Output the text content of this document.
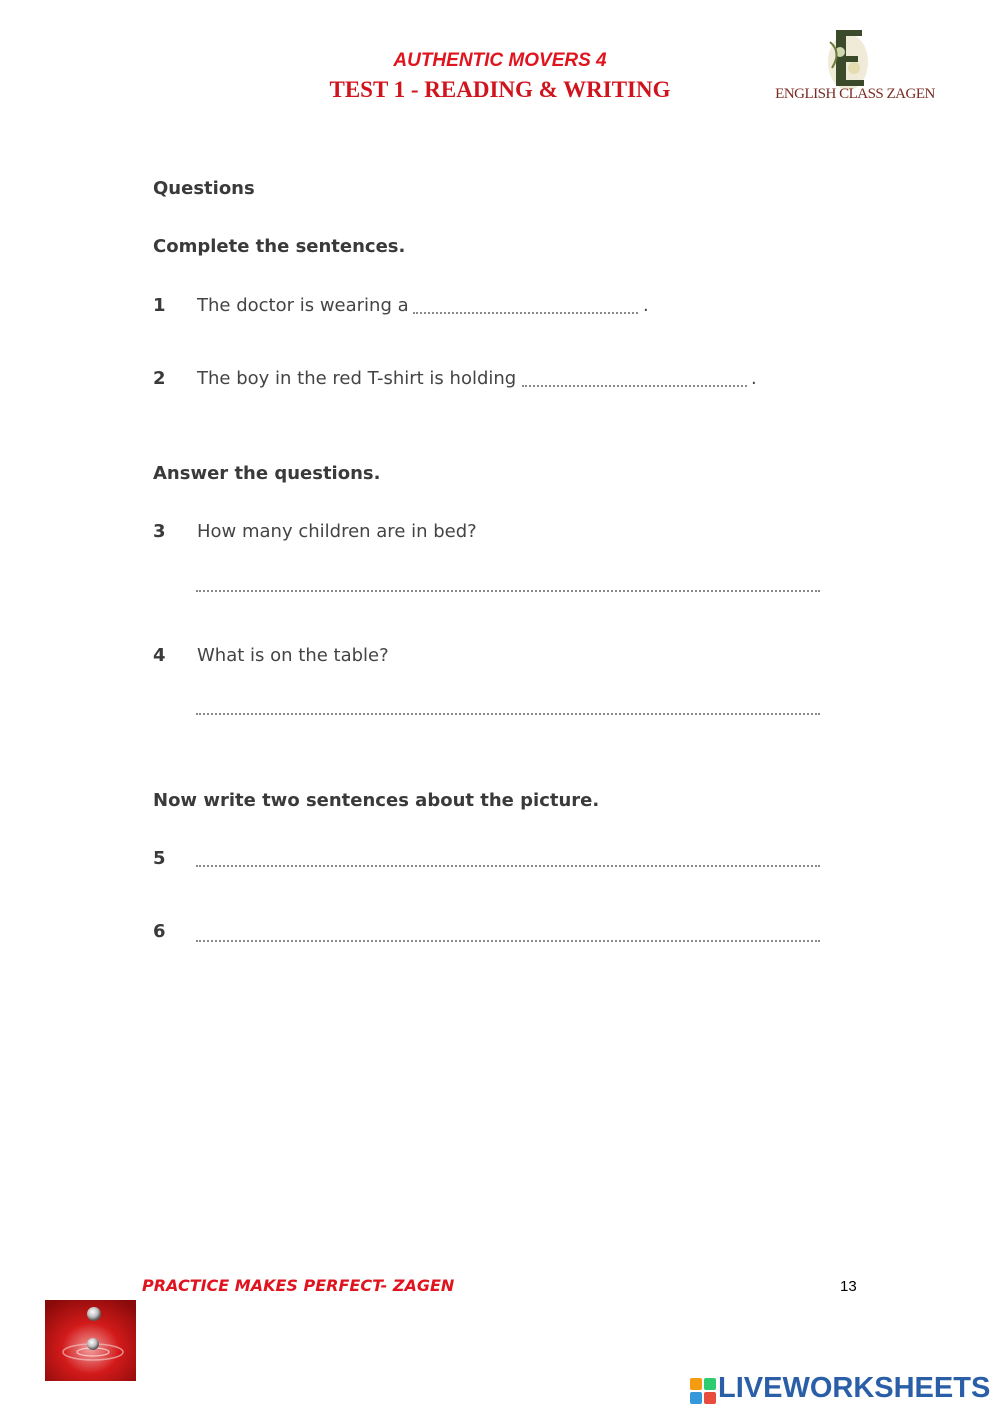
AUTHENTIC MOVERS 4
TEST 1 - READING & WRITING	ENGLISH CLASS ZAGEN
Questions
Complete the sentences.
1 The doctor is wearing a	.
2 The boy in the red T-shirt is holding	.
Answer the questions.
3 How many children are in bed?
4 What is on the table?
Now write two sentences about the picture.
5
6
PRACTICE MAKES PERFECT- ZAGEN	13
LIVEWORKSHEETS
